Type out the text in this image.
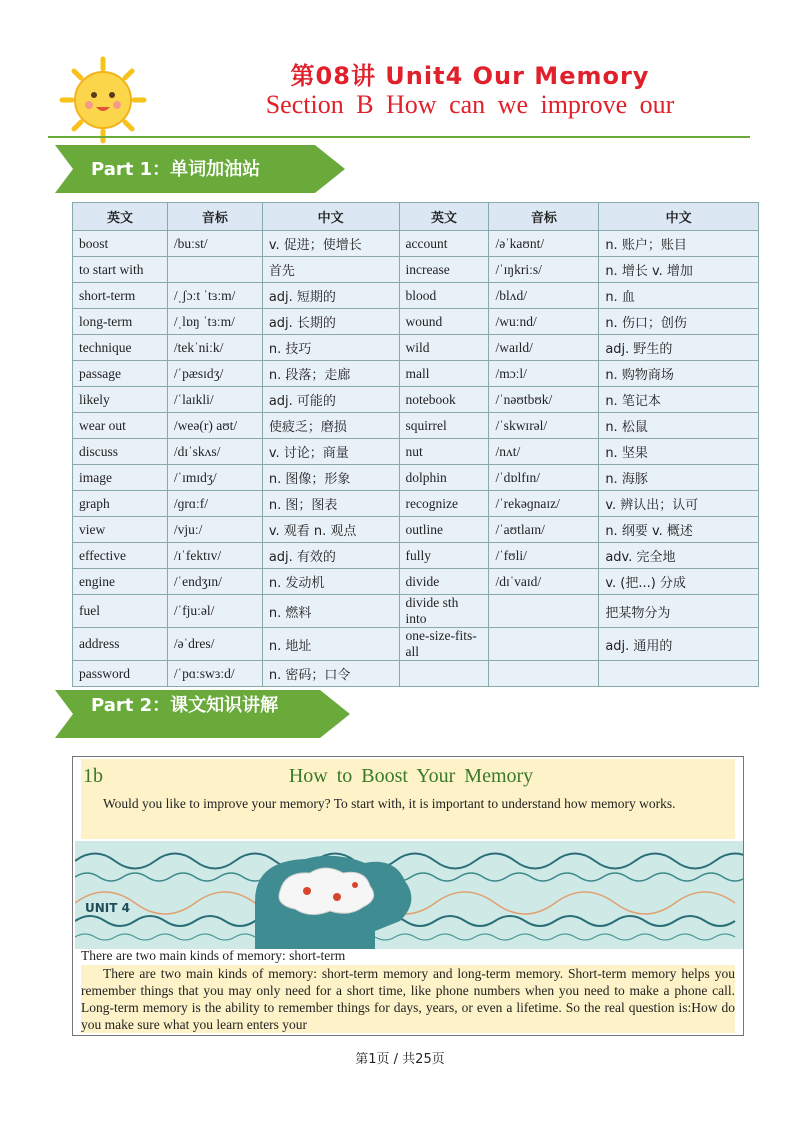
第08讲 Unit4 Our Memory
Section B How can we improve our
Part 1：单词加油站
英文	音标	中文	英文	音标	中文
boost	/buːst/	v. 促进；使增长	account	/əˈkaʊnt/	n. 账户；账目
to start with		首先	increase	/ˈɪŋkriːs/	n. 增长 v. 增加
short-term	/ˌʃɔːt ˈtɜːm/	adj. 短期的	blood	/blʌd/	n. 血
long-term	/ˌlɒŋ ˈtɜːm/	adj. 长期的	wound	/wuːnd/	n. 伤口；创伤
technique	/tekˈniːk/	n. 技巧	wild	/waɪld/	adj. 野生的
passage	/ˈpæsɪdʒ/	n. 段落；走廊	mall	/mɔːl/	n. 购物商场
likely	/ˈlaɪkli/	adj. 可能的	notebook	/ˈnəʊtbʊk/	n. 笔记本
wear out	/weə(r) aʊt/	使疲乏；磨损	squirrel	/ˈskwɪrəl/	n. 松鼠
discuss	/dɪˈskʌs/	v. 讨论；商量	nut	/nʌt/	n. 坚果
image	/ˈɪmɪdʒ/	n. 图像；形象	dolphin	/ˈdɒlfɪn/	n. 海豚
graph	/ɡrɑːf/	n. 图；图表	recognize	/ˈrekəɡnaɪz/	v. 辨认出；认可
view	/vjuː/	v. 观看 n. 观点	outline	/ˈaʊtlaɪn/	n. 纲要 v. 概述
effective	/ɪˈfektɪv/	adj. 有效的	fully	/ˈfʊli/	adv. 完全地
engine	/ˈendʒɪn/	n. 发动机	divide	/dɪˈvaɪd/	v. (把...) 分成
fuel	/ˈfjuːəl/	n. 燃料	divide sth into		把某物分为
address	/əˈdres/	n. 地址	one-size-fits-all		adj. 通用的
password	/ˈpɑːswɜːd/	n. 密码；口令			
Part 2：课文知识讲解
1b	How to Boost Your Memory
Would you like to improve your memory? To start with, it is important to understand how memory works.
UNIT 4
There are two main kinds of memory: short-term
There are two main kinds of memory: short-term memory and long-term memory. Short-term memory helps you remember things that you may only need for a short time, like phone numbers when you need to make a phone call. Long-term memory is the ability to remember things for days, years, or even a lifetime. So the real question is:How do you make sure what you learn enters your
第1页 / 共25页
